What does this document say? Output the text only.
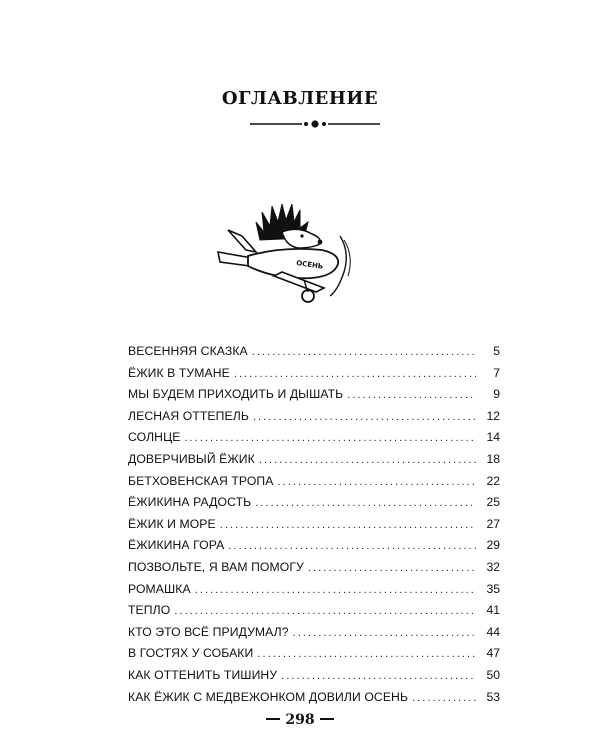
ОГЛАВЛЕНИЕ
ОСЕНЬ
ВЕСЕННЯЯ СКАЗКА . . .	5
ЁЖИК В ТУМАНЕ . . .	7
МЫ БУДЕМ ПРИХОДИТЬ И ДЫШАТЬ . . .	9
ЛЕСНАЯ ОТТЕПЕЛЬ . . .	12
СОЛНЦЕ . . .	14
ДОВЕРЧИВЫЙ ЁЖИК . . .	18
БЕТХОВЕНСКАЯ ТРОПА . . .	22
ЁЖИКИНА РАДОСТЬ . . .	25
ЁЖИК И МОРЕ . . .	27
ЁЖИКИНА ГОРА . . .	29
ПОЗВОЛЬТЕ, Я ВАМ ПОМОГУ . . .	32
РОМАШКА . . .	35
ТЕПЛО . . .	41
КТО ЭТО ВСЁ ПРИДУМАЛ? . . .	44
В ГОСТЯХ У СОБАКИ . . .	47
КАК ОТТЕНИТЬ ТИШИНУ . . .	50
КАК ЁЖИК С МЕДВЕЖОНКОМ ДОВИЛИ ОСЕНЬ . . .	53
298
